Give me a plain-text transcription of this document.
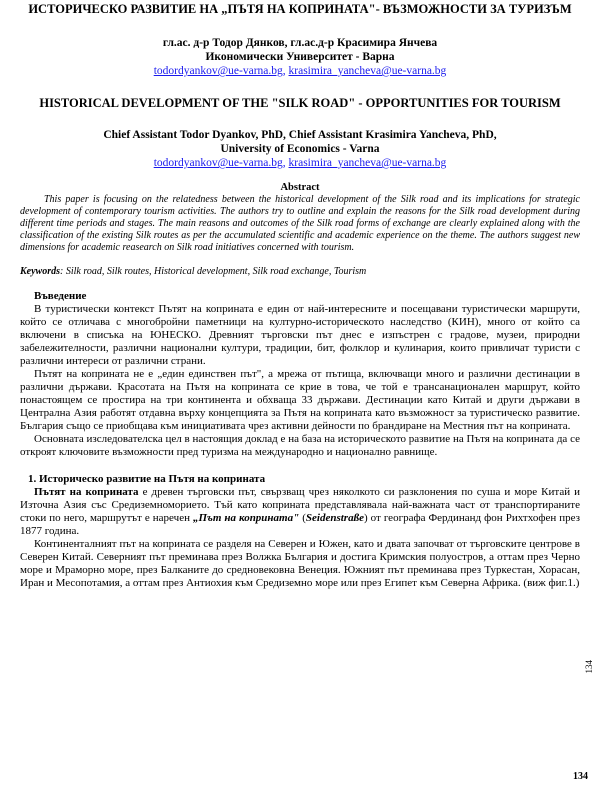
ИСТОРИЧЕСКО РАЗВИТИЕ НА „ПЪТЯ НА КОПРИНАТА"- ВЪЗМОЖНОСТИ ЗА ТУРИЗЪМ
гл.ас. д-р Тодор Дянков, гл.ас.д-р Красимира Янчева
Икономически Университет - Варна
todordyankov@ue-varna.bg, krasimira_yancheva@ue-varna.bg
HISTORICAL DEVELOPMENT OF THE "SILK ROAD" - OPPORTUNITIES FOR TOURISM
Chief Assistant Todor Dyankov, PhD, Chief Assistant Krasimira Yancheva, PhD,
University of Economics - Varna
todordyankov@ue-varna.bg, krasimira_yancheva@ue-varna.bg
Abstract
This paper is focusing on the relatedness between the historical development of the Silk road and its implications for strategic development of contemporary tourism activities. The authors try to outline and explain the reasons for the Silk road development during different time periods and stages. The main reasons and outcomes of the Silk road forms of exchange are clearly explained along with the classification of the existing Silk routes as per the accumulated scientific and academic experience on the theme. The authors suggest new dimensions for academic reasearch on Silk road initiatives concerned with tourism.
Keywords: Silk road, Silk routes, Historical development, Silk road exchange, Tourism
Въведение

В туристически контекст Пътят на коприната е един от най-интересните и посещавани туристически маршрути, който се отличава с многобройни паметници на културно-историческото наследство (КИН), много от който са включени в списъка на ЮНЕСКО. Древният търговски път днес е изпъстрен с градове, музеи, природни забележителности, различни национални култури, традиции, бит, фолклор и кулинария, които привличат туристи с различни интереси от различни страни.

Пътят на коприната не е „един единствен път", а мрежа от пътища, включващи много и различни дестинации в различни държави. Красотата на Пътя на коприната се крие в това, че той е трансанационален маршрут, който понастоящем се простира на три континента и обхваща 33 държави. Дестинации като Китай и други държави в Централна Азия работят отдавна върху концепцията за Пътя на коприната като възможност за туристическо развитие. България също се приобщава към инициативата чрез активни дейности по брандиране на Местния път на коприната.

Основната изследователска цел в настоящия доклад е на база на историческото развитие на Пътя на коприната да се откроят ключовите възможности пред туризма на международно и национално равнище.

1. Историческо развитие на Пътя на коприната

Пътят на коприната е древен търговски път, свързващ чрез няколкото си разклонения по суша и море Китай и Източна Азия със Средиземноморието. Тъй като коприната представлявала най-важната част от транспортираните стоки по него, маршрутът е наречен „Път на коприната" (Seidenstraße) от географа Фердинанд фон Рихтхофен през 1877 година.

Континенталният път на коприната се разделя на Северен и Южен, като и двата започват от търговските центрове в Северен Китай. Северният път преминава през Волжка България и достига Кримския полуостров, а оттам през Черно море и Мраморно море, през Балканите до средновековна Венеция. Южният път преминава през Туркестан, Хорасан, Иран и Месопотамия, а оттам през Антиохия към Средиземно море или през Египет към Северна Африка. (виж фиг.1.)

134
134
